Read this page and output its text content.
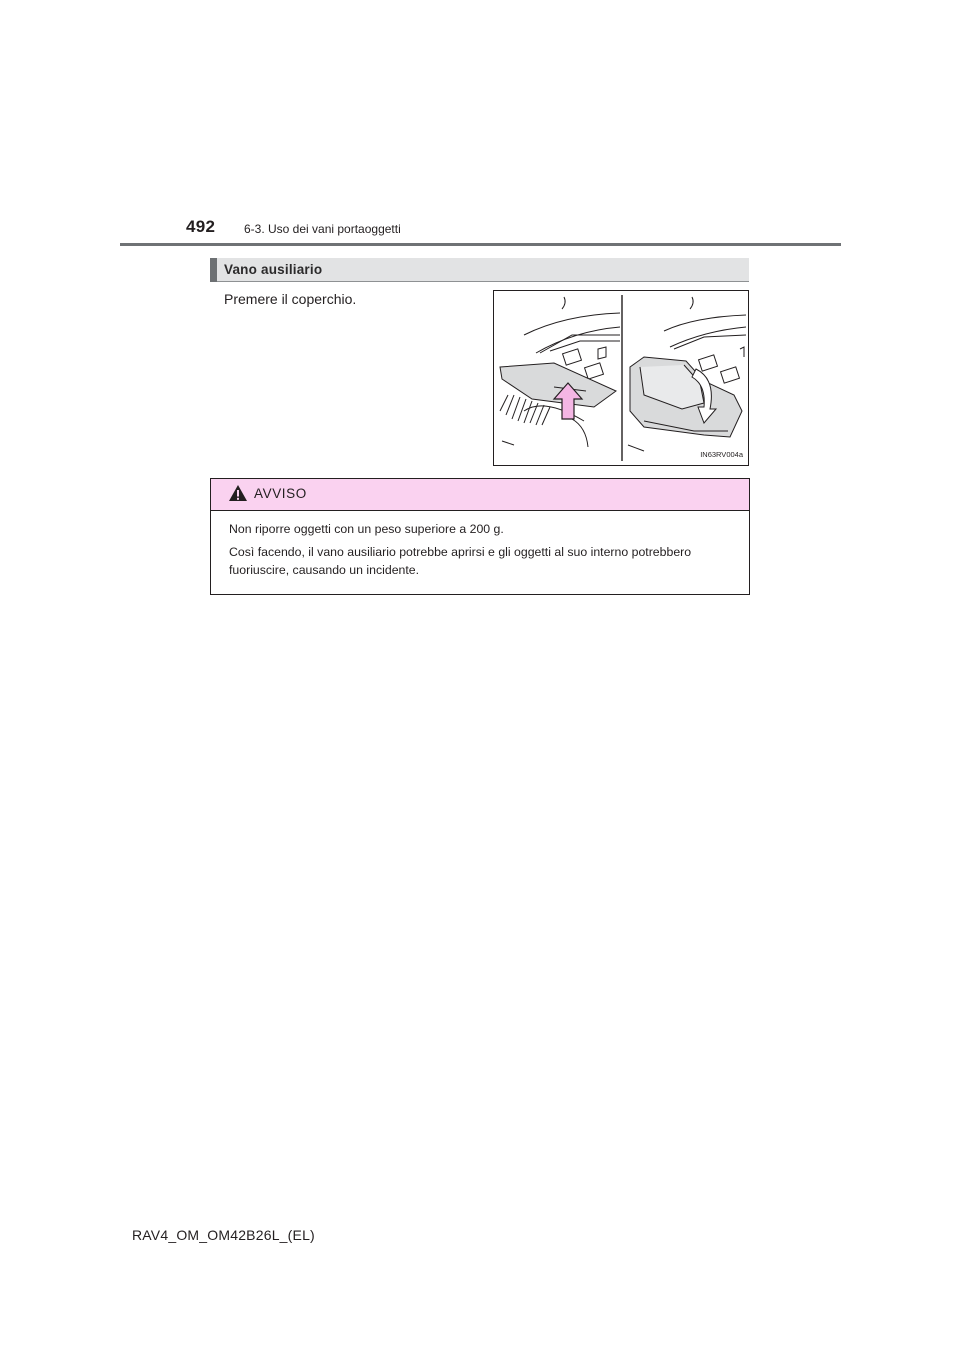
492 6-3. Uso dei vani portaoggetti
Vano ausiliario
Premere il coperchio.
IN63RV004a
AVVISO

Non riporre oggetti con un peso superiore a 200 g.

Così facendo, il vano ausiliario potrebbe aprirsi e gli oggetti al suo interno potrebbero fuoriuscire, causando un incidente.

RAV4_OM_OM42B26L_(EL)
